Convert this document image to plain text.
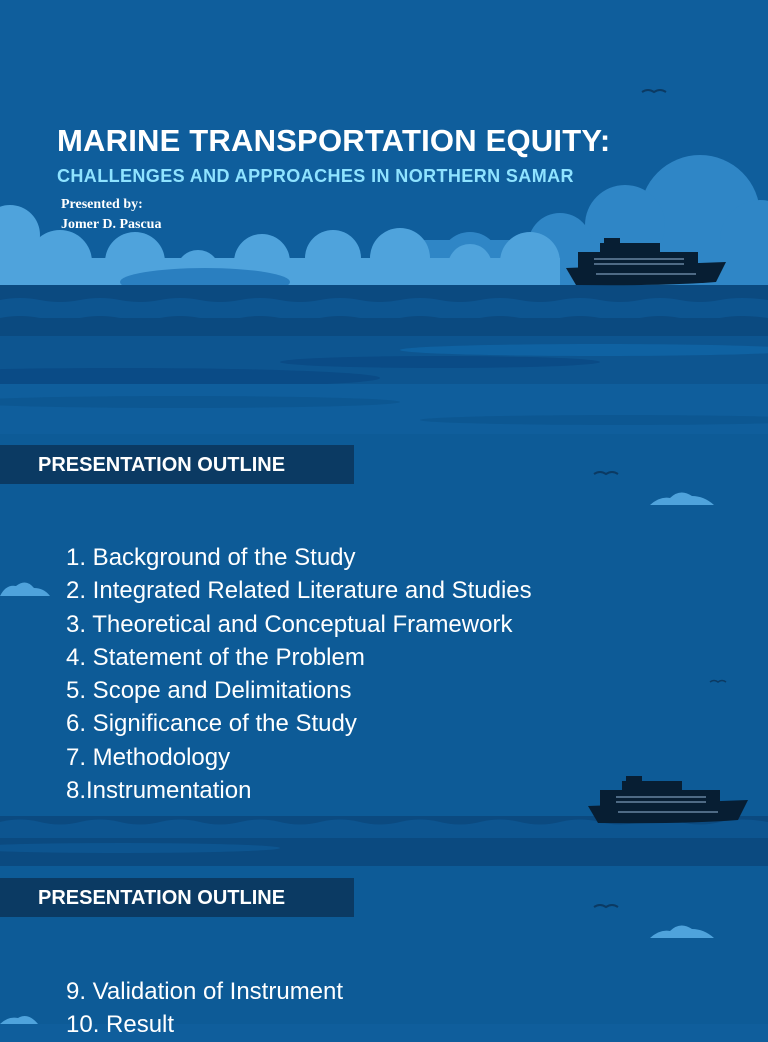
MARINE TRANSPORTATION EQUITY:
CHALLENGES AND APPROACHES IN NORTHERN SAMAR
Presented by:
Jomer D. Pascua
PRESENTATION OUTLINE
1. Background of the Study
2. Integrated Related Literature and Studies
3. Theoretical and Conceptual Framework
4. Statement of the Problem
5. Scope and Delimitations
6. Significance of the Study
7. Methodology
8.Instrumentation
PRESENTATION OUTLINE
9. Validation of Instrument
10. Result
